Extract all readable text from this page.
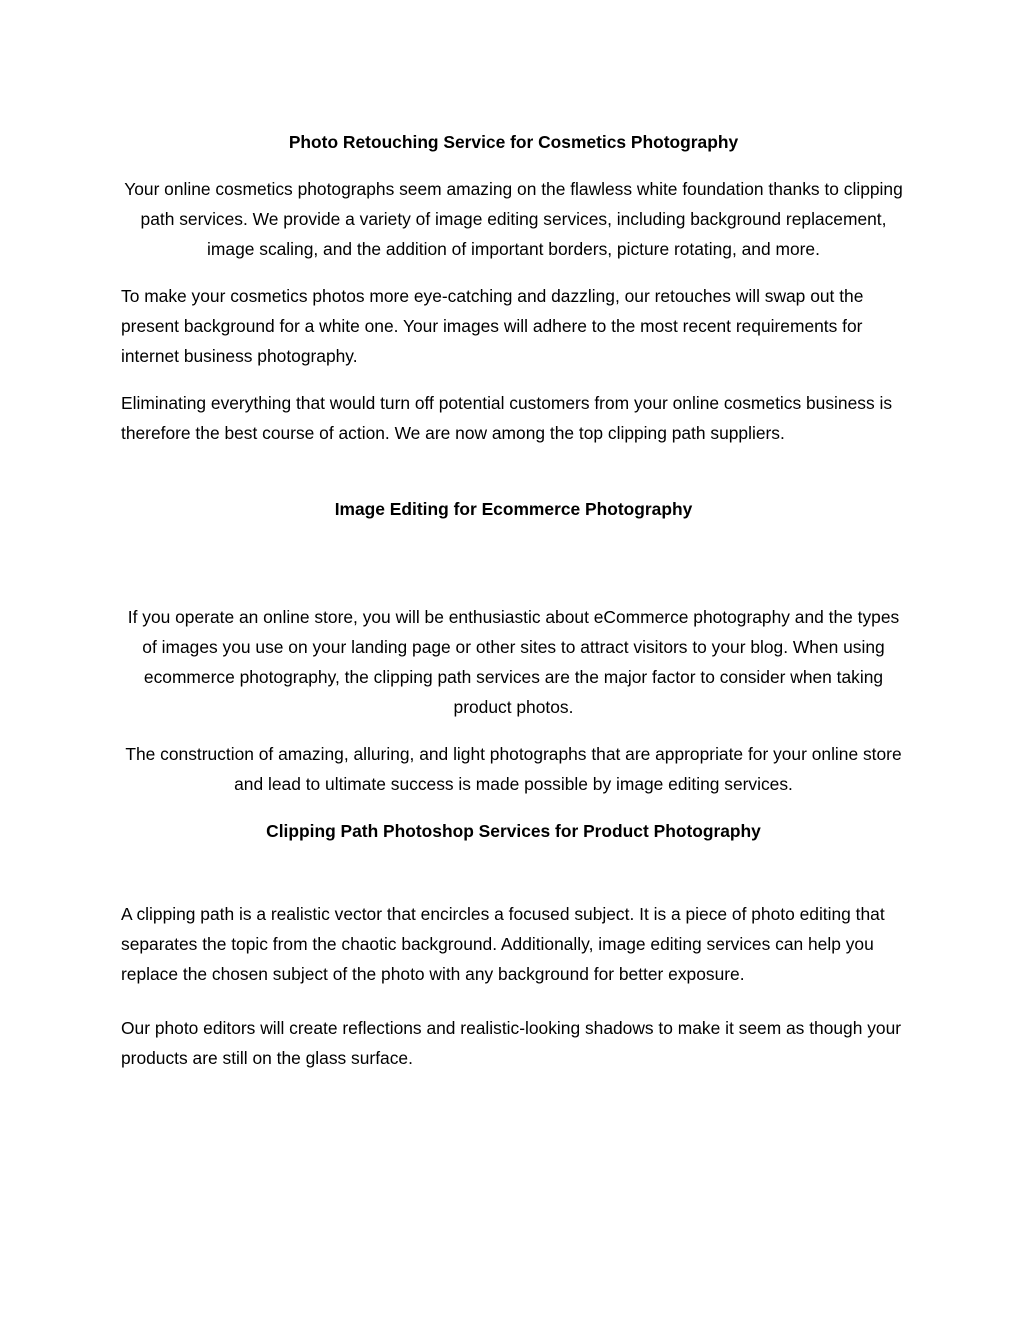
Photo Retouching Service for Cosmetics Photography

Your online cosmetics photographs seem amazing on the flawless white foundation thanks to clipping path services. We provide a variety of image editing services, including background replacement, image scaling, and the addition of important borders, picture rotating, and more.

To make your cosmetics photos more eye-catching and dazzling, our retouches will swap out the present background for a white one. Your images will adhere to the most recent requirements for internet business photography.

Eliminating everything that would turn off potential customers from your online cosmetics business is therefore the best course of action. We are now among the top clipping path suppliers.

Image Editing for Ecommerce Photography

If you operate an online store, you will be enthusiastic about eCommerce photography and the types of images you use on your landing page or other sites to attract visitors to your blog. When using ecommerce photography, the clipping path services are the major factor to consider when taking product photos.

The construction of amazing, alluring, and light photographs that are appropriate for your online store and lead to ultimate success is made possible by image editing services.

Clipping Path Photoshop Services for Product Photography

A clipping path is a realistic vector that encircles a focused subject. It is a piece of photo editing that separates the topic from the chaotic background. Additionally, image editing services can help you replace the chosen subject of the photo with any background for better exposure.

Our photo editors will create reflections and realistic-looking shadows to make it seem as though your products are still on the glass surface.
